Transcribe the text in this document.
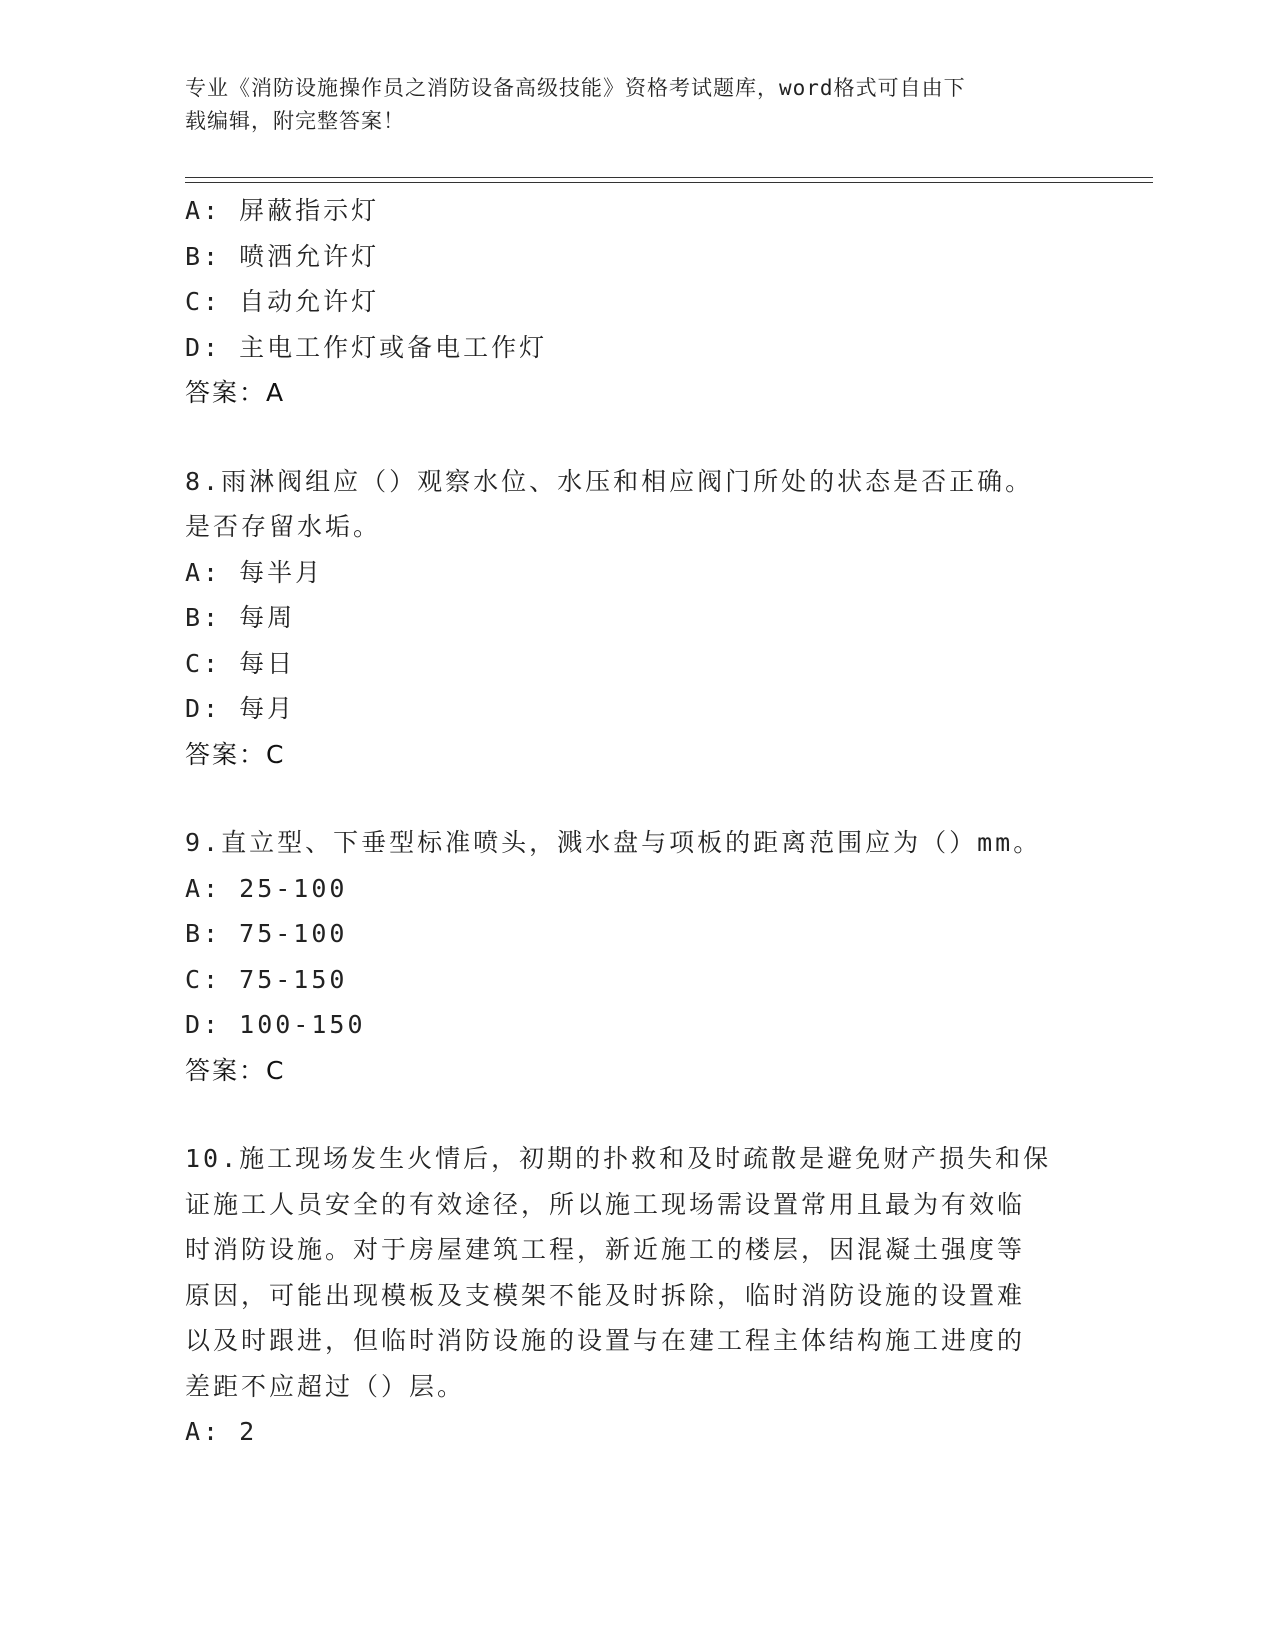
专业《消防设施操作员之消防设备高级技能》资格考试题库，word格式可自由下
载编辑，附完整答案！
A: 屏蔽指示灯
B: 喷洒允许灯
C: 自动允许灯
D: 主电工作灯或备电工作灯
答案：A
8.雨淋阀组应（）观察水位、水压和相应阀门所处的状态是否正确。
是否存留水垢。
A: 每半月
B: 每周
C: 每日
D: 每月
答案：C
9.直立型、下垂型标准喷头，溅水盘与项板的距离范围应为（）mm。
A: 25-100
B: 75-100
C: 75-150
D: 100-150
答案：C
10.施工现场发生火情后，初期的扑救和及时疏散是避免财产损失和保
证施工人员安全的有效途径，所以施工现场需设置常用且最为有效临
时消防设施。对于房屋建筑工程，新近施工的楼层，因混凝土强度等
原因，可能出现模板及支模架不能及时拆除，临时消防设施的设置难
以及时跟进，但临时消防设施的设置与在建工程主体结构施工进度的
差距不应超过（）层。
A: 2
